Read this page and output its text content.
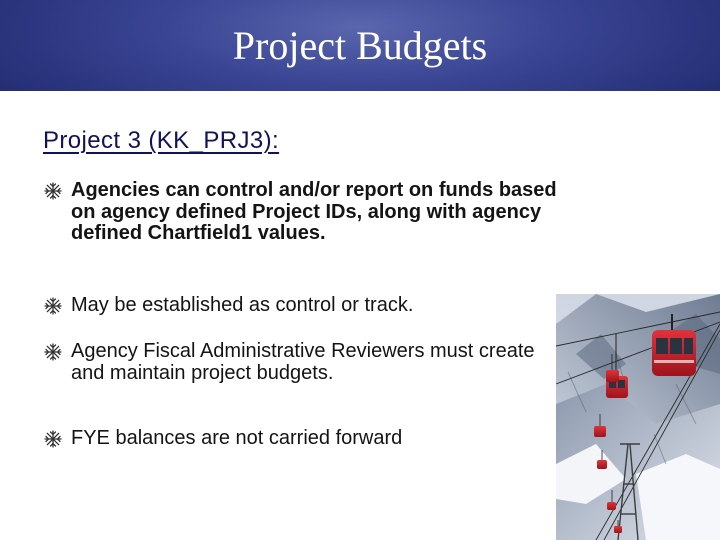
Project Budgets
Project 3 (KK_PRJ3):
Agencies can control and/or report on funds based on agency defined Project IDs, along with agency defined Chartfield1 values.
May be established as control or track.
Agency Fiscal Administrative Reviewers must create and maintain project budgets.
FYE balances are not carried forward
